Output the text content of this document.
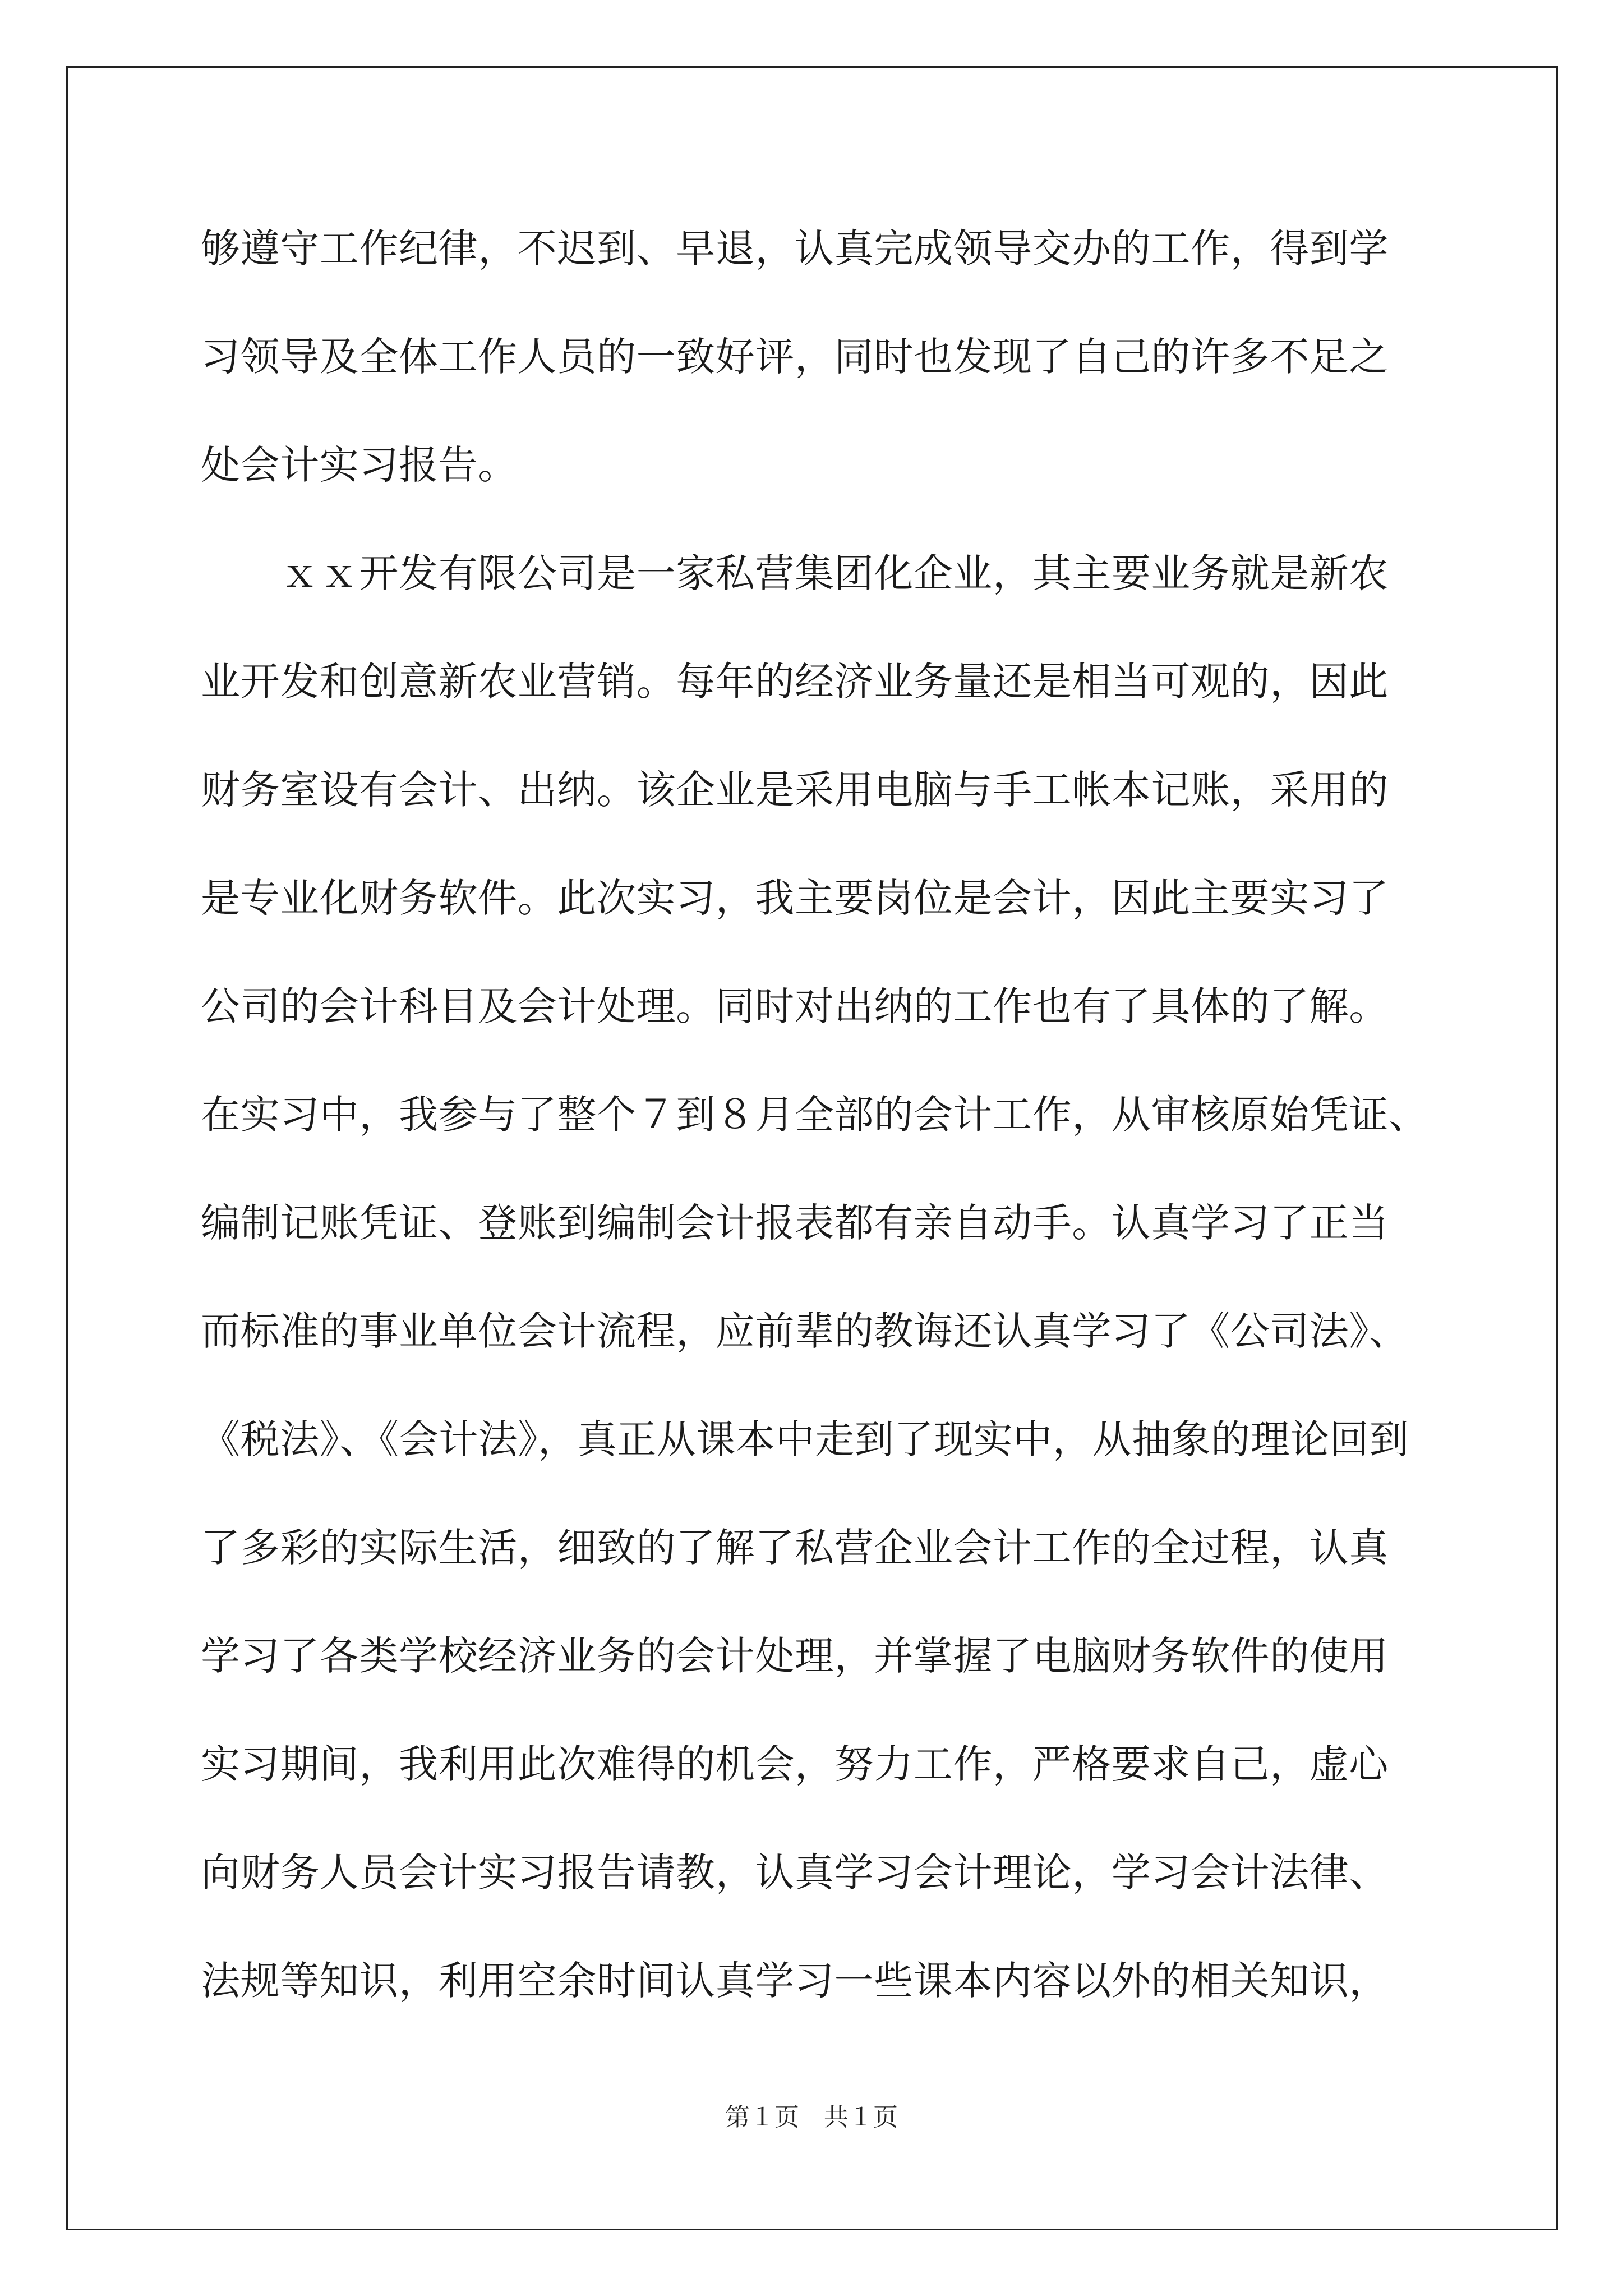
够遵守工作纪律，不迟到、早退，认真完成领导交办的工作，得到学
习领导及全体工作人员的一致好评，同时也发现了自己的许多不足之
处会计实习报告。
　　ｘｘ开发有限公司是一家私营集团化企业，其主要业务就是新农
业开发和创意新农业营销。每年的经济业务量还是相当可观的，因此
财务室设有会计、出纳。该企业是采用电脑与手工帐本记账，采用的
是专业化财务软件。此次实习，我主要岗位是会计，因此主要实习了
公司的会计科目及会计处理。同时对出纳的工作也有了具体的了解。
在实习中，我参与了整个７到８月全部的会计工作，从审核原始凭证、
编制记账凭证、登账到编制会计报表都有亲自动手。认真学习了正当
而标准的事业单位会计流程，应前辈的教诲还认真学习了《公司法》、
《税法》、《会计法》，真正从课本中走到了现实中，从抽象的理论回到
了多彩的实际生活，细致的了解了私营企业会计工作的全过程，认真
学习了各类学校经济业务的会计处理，并掌握了电脑财务软件的使用
实习期间，我利用此次难得的机会，努力工作，严格要求自己，虚心
向财务人员会计实习报告请教，认真学习会计理论，学习会计法律、
法规等知识，利用空余时间认真学习一些课本内容以外的相关知识，
第１页　共１页
